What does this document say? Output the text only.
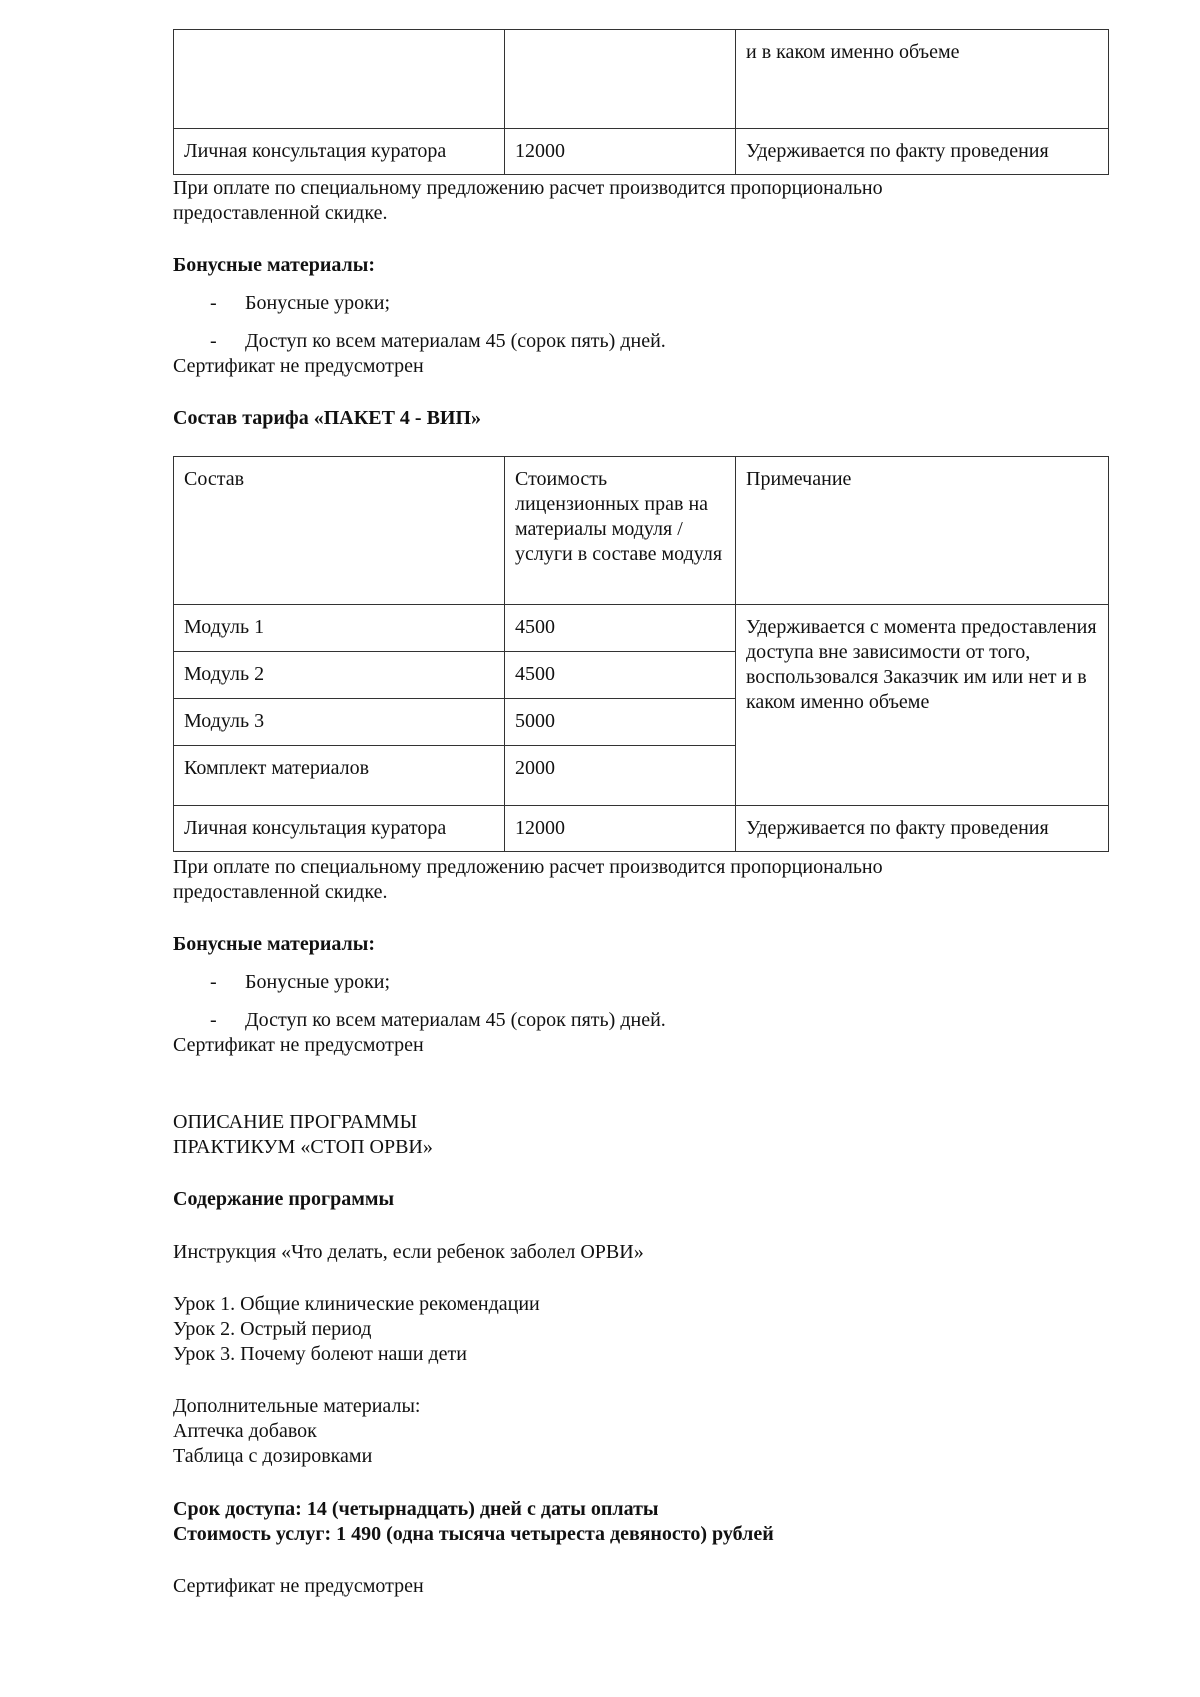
		и в каком именно объеме
Личная консультация куратора	12000	Удерживается по факту проведения
При оплате по специальному предложению расчет производится пропорционально
предоставленной скидке.
Бонусные материалы:
- Бонусные уроки;
- Доступ ко всем материалам 45 (сорок пять) дней.
Сертификат не предусмотрен
Состав тарифа «ПАКЕТ 4 - ВИП»
Состав	Стоимость лицензионных прав на материалы модуля / услуги в составе модуля	Примечание
Модуль 1	4500	Удерживается с момента предоставления доступа вне зависимости от того, воспользовался Заказчик им или нет и в каком именно объеме
Модуль 2	4500	
Модуль 3	5000	
Комплект материалов	2000	
Личная консультация куратора	12000	Удерживается по факту проведения
При оплате по специальному предложению расчет производится пропорционально
предоставленной скидке.
Бонусные материалы:
- Бонусные уроки;
- Доступ ко всем материалам 45 (сорок пять) дней.
Сертификат не предусмотрен
ОПИСАНИЕ ПРОГРАММЫ
ПРАКТИКУМ «СТОП ОРВИ»
Содержание программы
Инструкция «Что делать, если ребенок заболел ОРВИ»
Урок 1. Общие клинические рекомендации
Урок 2. Острый период
Урок 3. Почему болеют наши дети
Дополнительные материалы:
Аптечка добавок
Таблица с дозировками
Срок доступа: 14 (четырнадцать) дней с даты оплаты
Стоимость услуг: 1 490 (одна тысяча четыреста девяносто) рублей
Сертификат не предусмотрен
